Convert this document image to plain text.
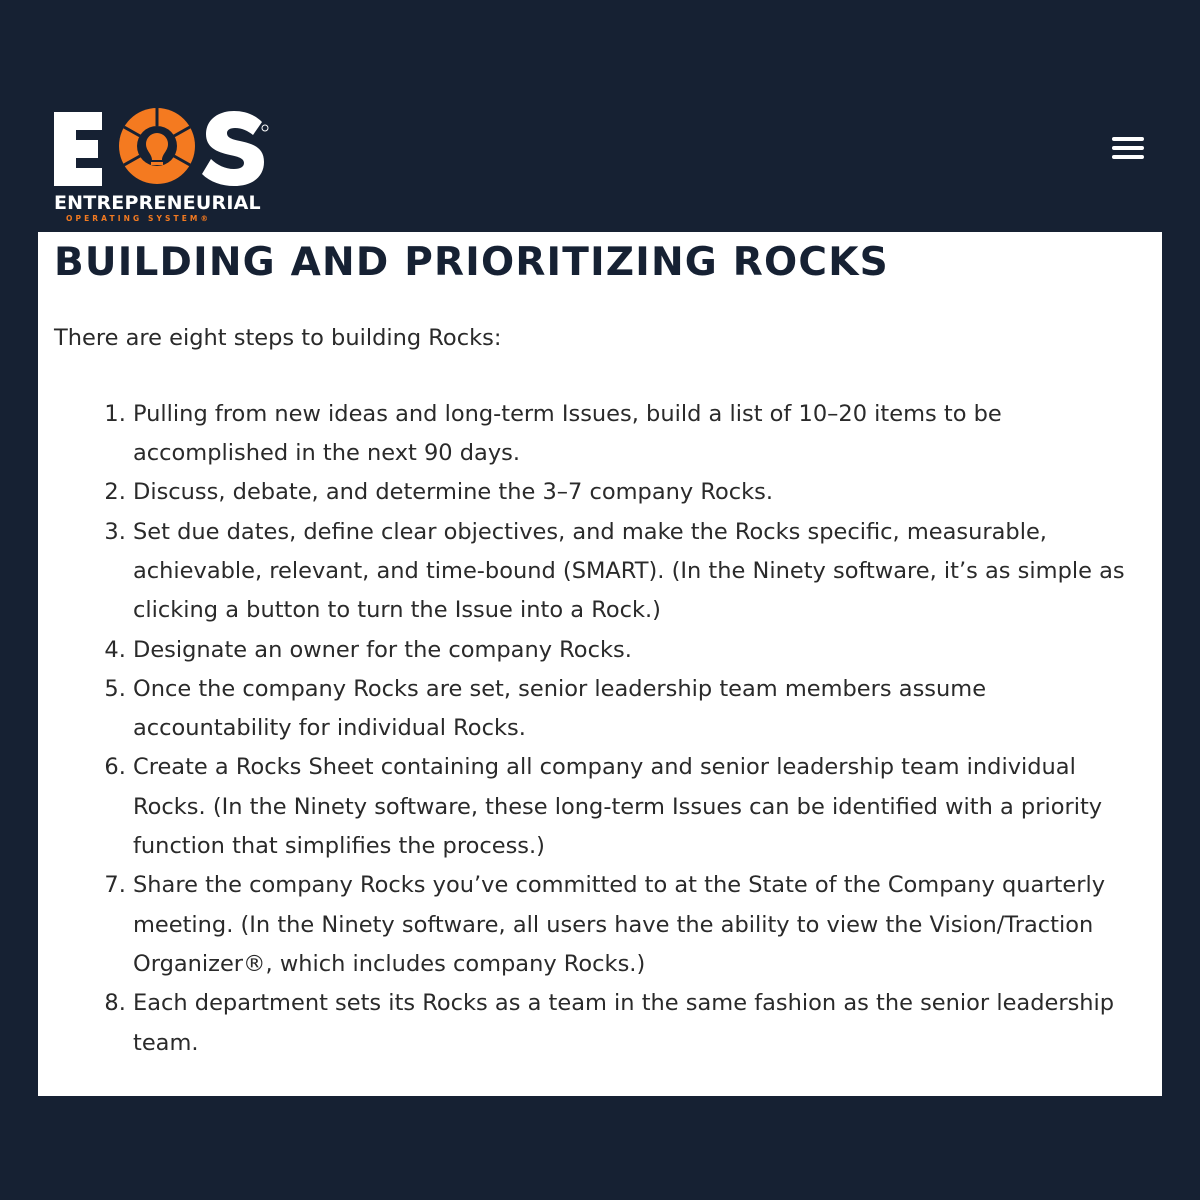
ENTREPRENEURIAL
OPERATING SYSTEM®
BUILDING AND PRIORITIZING ROCKS

There are eight steps to building Rocks:

1. Pulling from new ideas and long-term Issues, build a list of 10–20 items to be accomplished in the next 90 days.
2. Discuss, debate, and determine the 3–7 company Rocks.
3. Set due dates, define clear objectives, and make the Rocks specific, measurable, achievable, relevant, and time-bound (SMART). (In the Ninety software, it’s as simple as clicking a button to turn the Issue into a Rock.)
4. Designate an owner for the company Rocks.
5. Once the company Rocks are set, senior leadership team members assume accountability for individual Rocks.
6. Create a Rocks Sheet containing all company and senior leadership team individual Rocks. (In the Ninety software, these long-term Issues can be identified with a priority function that simplifies the process.)
7. Share the company Rocks you’ve committed to at the State of the Company quarterly meeting. (In the Ninety software, all users have the ability to view the Vision/Traction Organizer®, which includes company Rocks.)
8. Each department sets its Rocks as a team in the same fashion as the senior leadership team.
